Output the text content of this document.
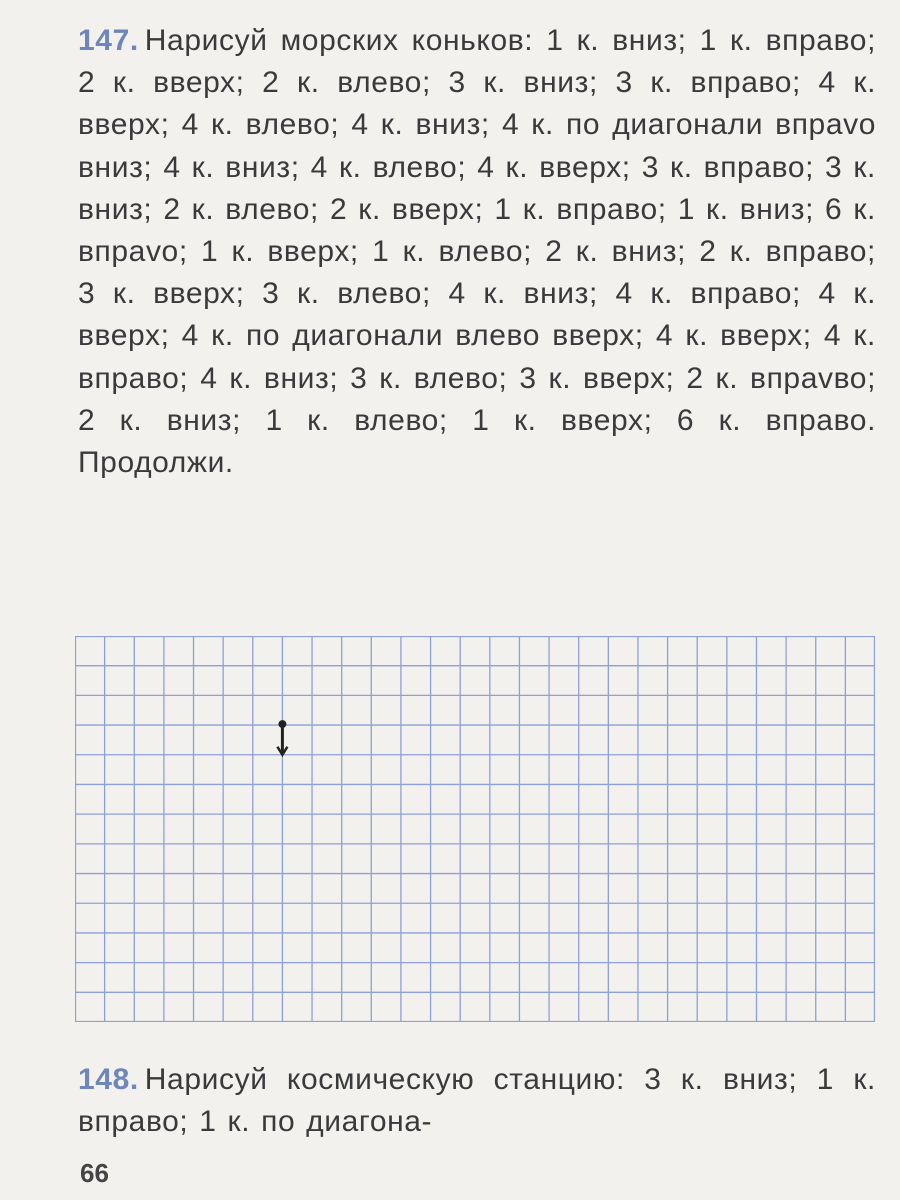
147. Нарисуй морских коньков: 1 к. вниз; 1 к. вправо; 2 к. вверх; 2 к. влево; 3 к. вниз; 3 к. вправо; 4 к. вверх; 4 к. влево; 4 к. вниз; 4 к. по диагонали впраvо вниз; 4 к. вниз; 4 к. влево; 4 к. вверх; 3 к. вправо; 3 к. вниз; 2 к. влево; 2 к. вверх; 1 к. вправо; 1 к. вниз; 6 к. впраvо; 1 к. вверх; 1 к. влево; 2 к. вниз; 2 к. вправо; 3 к. вверх; 3 к. влево; 4 к. вниз; 4 к. вправо; 4 к. вверх; 4 к. по диагонали влево вверх; 4 к. вверх; 4 к. вправо; 4 к. вниз; 3 к. влево; 3 к. вверх; 2 к. впраvво; 2 к. вниз; 1 к. влево; 1 к. вверх; 6 к. вправо. Продолжи.
148. Нарисуй космическую станцию: 3 к. вниз; 1 к. вправо; 1 к. по диагона-
66
